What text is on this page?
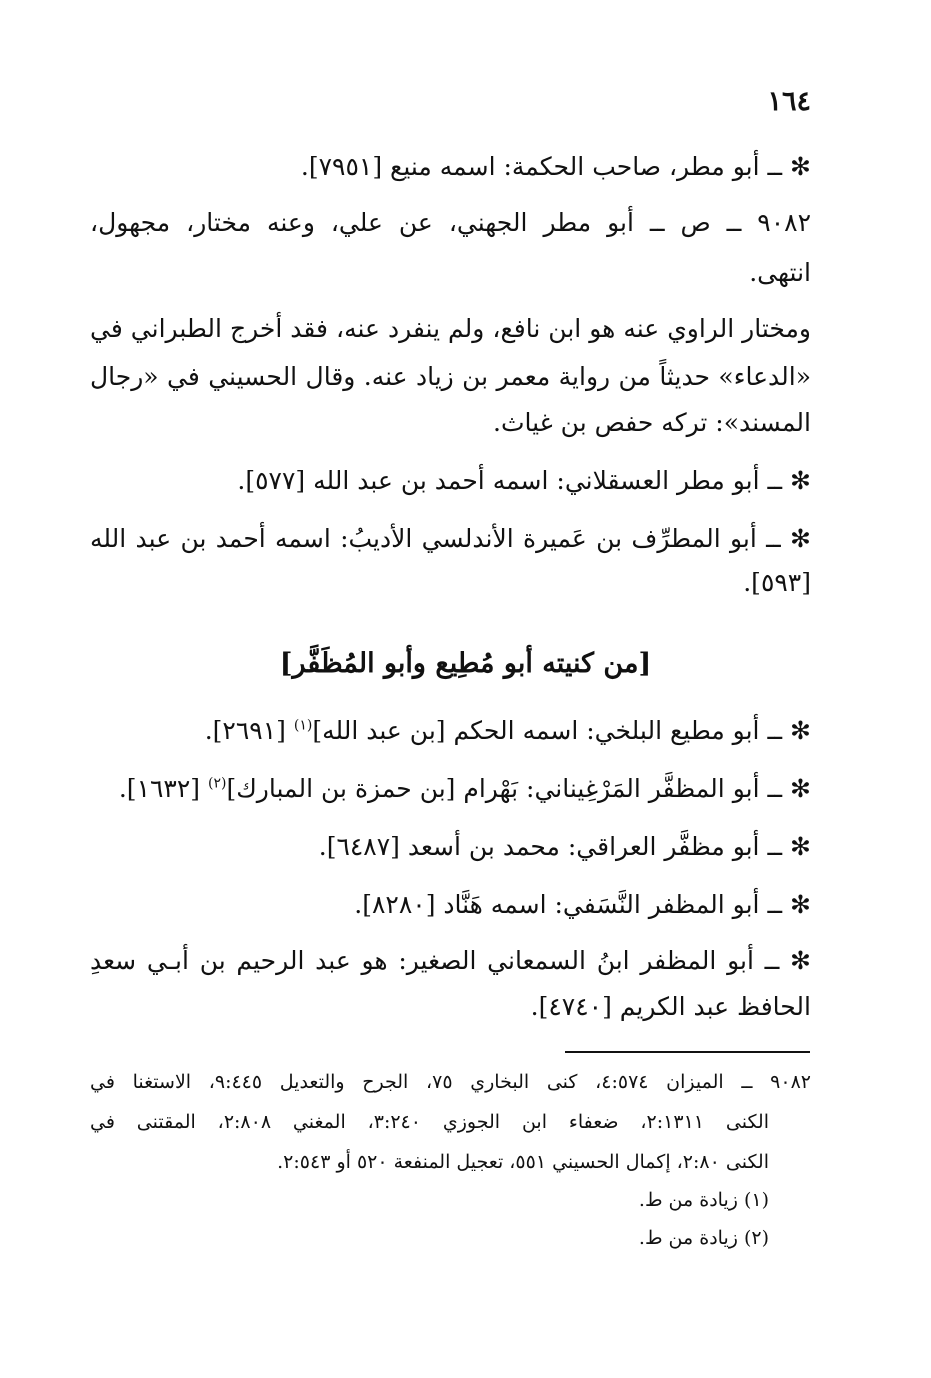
١٦٤
✻ ــ أبو مطر، صاحب الحكمة: اسمه منيع [٧٩٥١].
٩٠٨٢ ــ ص ــ أبو مطر الجهني، عن علي، وعنه مختار، مجهول،
انتهى.
ومختار الراوي عنه هو ابن نافع، ولم ينفرد عنه، فقد أخرج الطبراني في
«الدعاء» حديثاً من رواية معمر بن زياد عنه. وقال الحسيني في «رجال
المسند»: تركه حفص بن غياث.
✻ ــ أبو مطر العسقلاني: اسمه أحمد بن عبد الله [٥٧٧].
✻ ــ أبو المطرِّف بن عَميرة الأندلسي الأديبُ: اسمه أحمد بن عبد الله
[٥٩٣].
[من كنيته أبو مُطِيع وأبو المُظَفَّر]
✻ ــ أبو مطيع البلخي: اسمه الحكم [بن عبد الله]$^{(١)}$ [٢٦٩١].
✻ ــ أبو المظفَّر المَرْغِيناني: بَهْرام [بن حمزة بن المبارك]$^{(٢)}$ [١٦٣٢].
✻ ــ أبو مظفَّر العراقي: محمد بن أسعد [٦٤٨٧].
✻ ــ أبو المظفر النَّسَفي: اسمه هَنَّاد [٨٢٨٠].
✻ ــ أبو المظفر ابنُ السمعاني الصغير: هو عبد الرحيم بن أبـي سعدِ
الحافظ عبد الكريم [٤٧٤٠].
٩٠٨٢ ــ الميزان ٤:٥٧٤، كنى البخاري ٧٥، الجرح والتعديل ٩:٤٤٥، الاستغنا في
الكنى ٢:١٣١١، ضعفاء ابن الجوزي ٣:٢٤٠، المغني ٢:٨٠٨، المقتنى في
الكنى ٢:٨٠، إكمال الحسيني ٥٥١، تعجيل المنفعة ٥٢٠ أو ٢:٥٤٣.
(١) زيادة من ط.
(٢) زيادة من ط.
